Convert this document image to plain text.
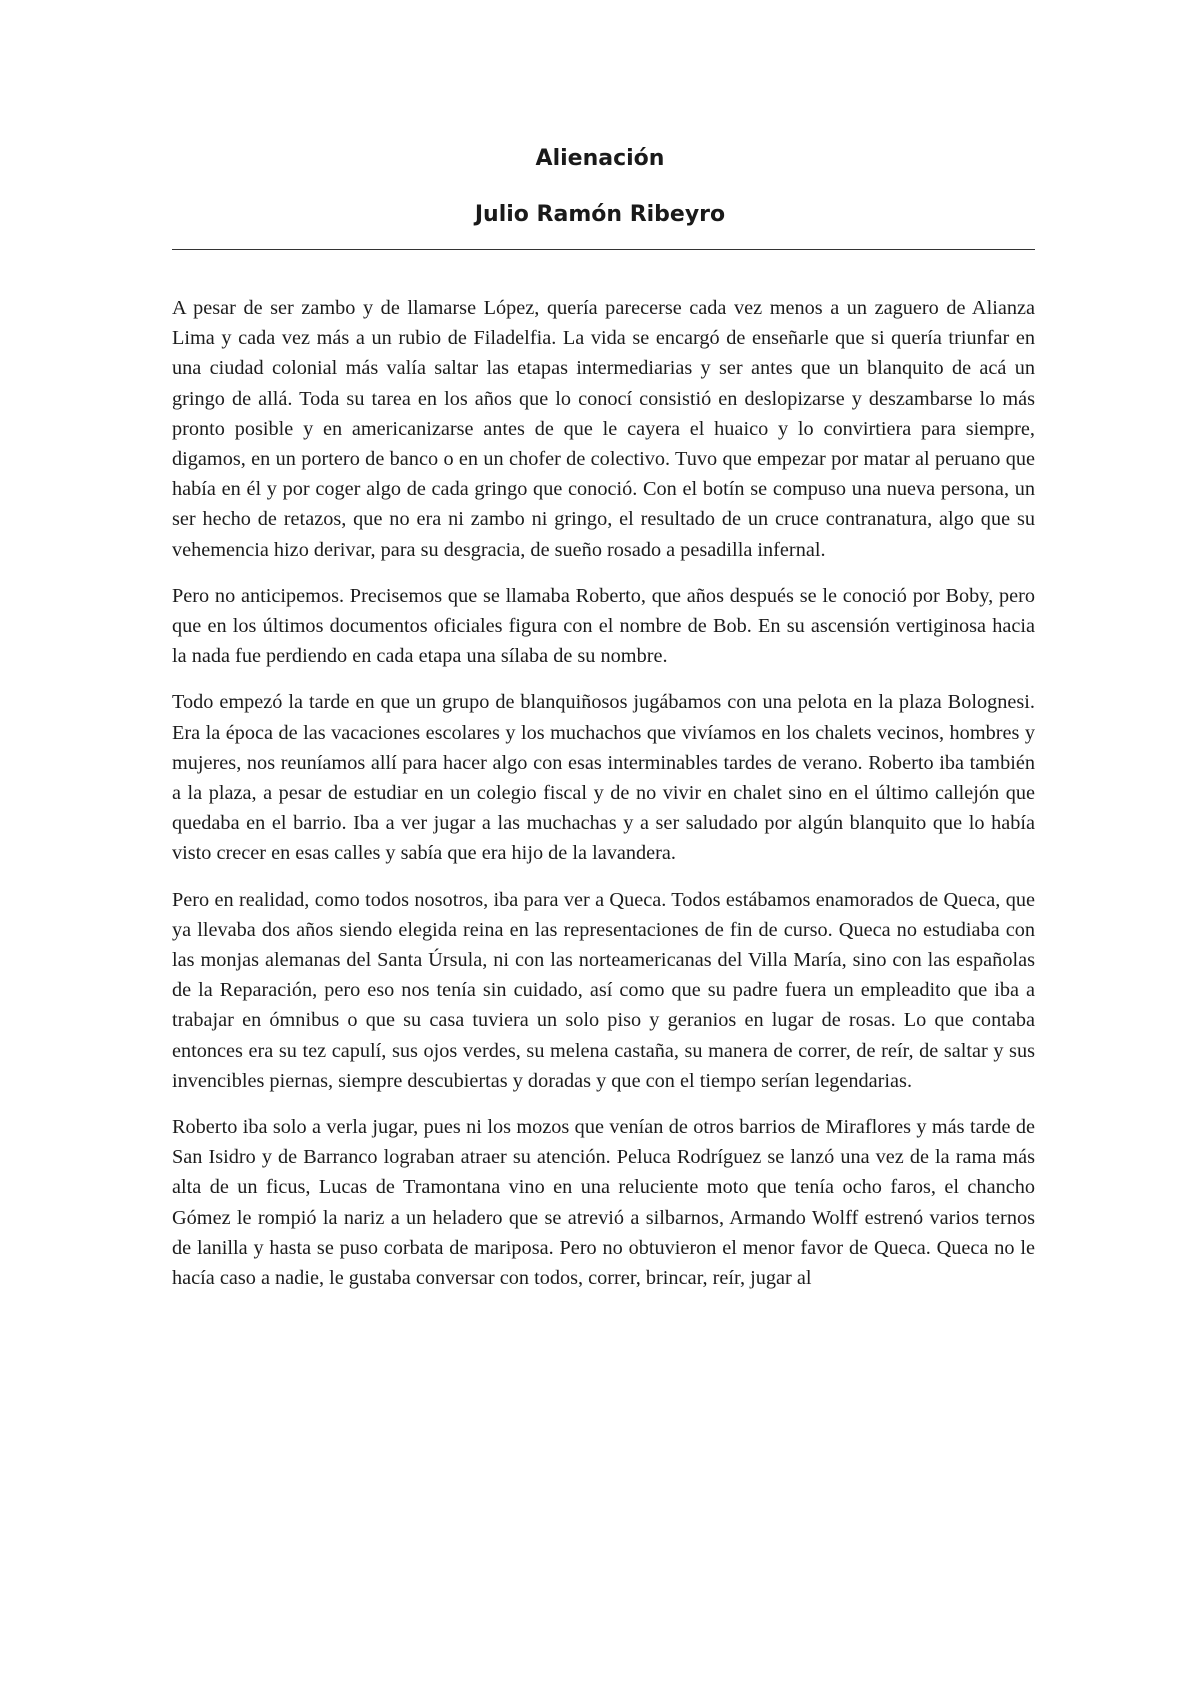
Alienación
Julio Ramón Ribeyro

A pesar de ser zambo y de llamarse López, quería parecerse cada vez menos a un zaguero de Alianza Lima y cada vez más a un rubio de Filadelfia. La vida se encargó de enseñarle que si quería triunfar en una ciudad colonial más valía saltar las etapas intermediarias y ser antes que un blanquito de acá un gringo de allá. Toda su tarea en los años que lo conocí consistió en deslopizarse y deszambarse lo más pronto posible y en americanizarse antes de que le cayera el huaico y lo convirtiera para siempre, digamos, en un portero de banco o en un chofer de colectivo. Tuvo que empezar por matar al peruano que había en él y por coger algo de cada gringo que conoció. Con el botín se compuso una nueva persona, un ser hecho de retazos, que no era ni zambo ni gringo, el resultado de un cruce contranatura, algo que su vehemencia hizo derivar, para su desgracia, de sueño rosado a pesadilla infernal.

Pero no anticipemos. Precisemos que se llamaba Roberto, que años después se le conoció por Boby, pero que en los últimos documentos oficiales figura con el nombre de Bob. En su ascensión vertiginosa hacia la nada fue perdiendo en cada etapa una sílaba de su nombre.

Todo empezó la tarde en que un grupo de blanquiñosos jugábamos con una pelota en la plaza Bolognesi. Era la época de las vacaciones escolares y los muchachos que vivíamos en los chalets vecinos, hombres y mujeres, nos reuníamos allí para hacer algo con esas interminables tardes de verano. Roberto iba también a la plaza, a pesar de estudiar en un colegio fiscal y de no vivir en chalet sino en el último callejón que quedaba en el barrio. Iba a ver jugar a las muchachas y a ser saludado por algún blanquito que lo había visto crecer en esas calles y sabía que era hijo de la lavandera.

Pero en realidad, como todos nosotros, iba para ver a Queca. Todos estábamos enamorados de Queca, que ya llevaba dos años siendo elegida reina en las representaciones de fin de curso. Queca no estudiaba con las monjas alemanas del Santa Úrsula, ni con las norteamericanas del Villa María, sino con las españolas de la Reparación, pero eso nos tenía sin cuidado, así como que su padre fuera un empleadito que iba a trabajar en ómnibus o que su casa tuviera un solo piso y geranios en lugar de rosas. Lo que contaba entonces era su tez capulí, sus ojos verdes, su melena castaña, su manera de correr, de reír, de saltar y sus invencibles piernas, siempre descubiertas y doradas y que con el tiempo serían legendarias.

Roberto iba solo a verla jugar, pues ni los mozos que venían de otros barrios de Miraflores y más tarde de San Isidro y de Barranco lograban atraer su atención. Peluca Rodríguez se lanzó una vez de la rama más alta de un ficus, Lucas de Tramontana vino en una reluciente moto que tenía ocho faros, el chancho Gómez le rompió la nariz a un heladero que se atrevió a silbarnos, Armando Wolff estrenó varios ternos de lanilla y hasta se puso corbata de mariposa. Pero no obtuvieron el menor favor de Queca. Queca no le hacía caso a nadie, le gustaba conversar con todos, correr, brincar, reír, jugar al
